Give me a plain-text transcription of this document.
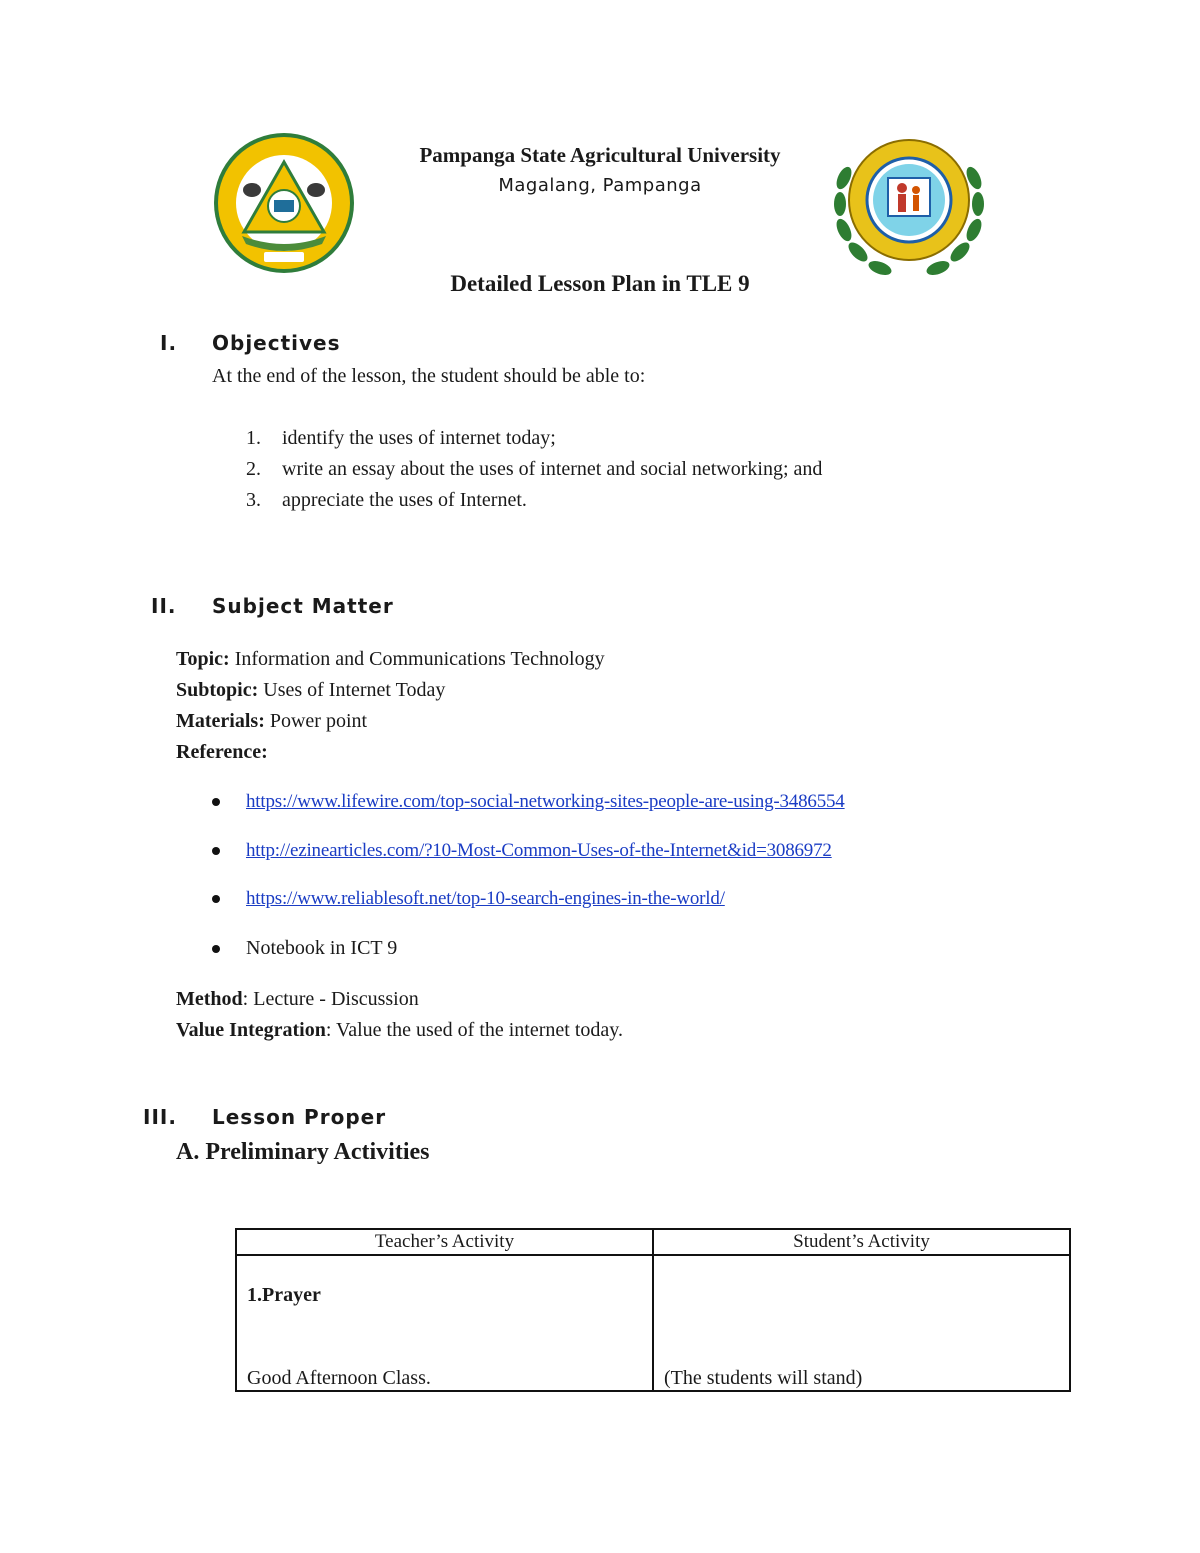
Pampanga State Agricultural University
Magalang, Pampanga
Detailed Lesson Plan in TLE 9
I. Objectives
At the end of the lesson, the student should be able to:
1. identify the uses of internet today;
2. write an essay about the uses of internet and social networking; and
3. appreciate the uses of Internet.
II. Subject Matter
Topic: Information and Communications Technology
Subtopic: Uses of Internet Today
Materials: Power point
Reference:
https://www.lifewire.com/top-social-networking-sites-people-are-using-3486554
http://ezinearticles.com/?10-Most-Common-Uses-of-the-Internet&id=3086972
https://www.reliablesoft.net/top-10-search-engines-in-the-world/
Notebook in ICT 9
Method: Lecture - Discussion
Value Integration: Value the used of the internet today.
III. Lesson Proper
A. Preliminary Activities
Teacher’s Activity	Student’s Activity

1.Prayer
Good Afternoon Class.	(The students will stand)
